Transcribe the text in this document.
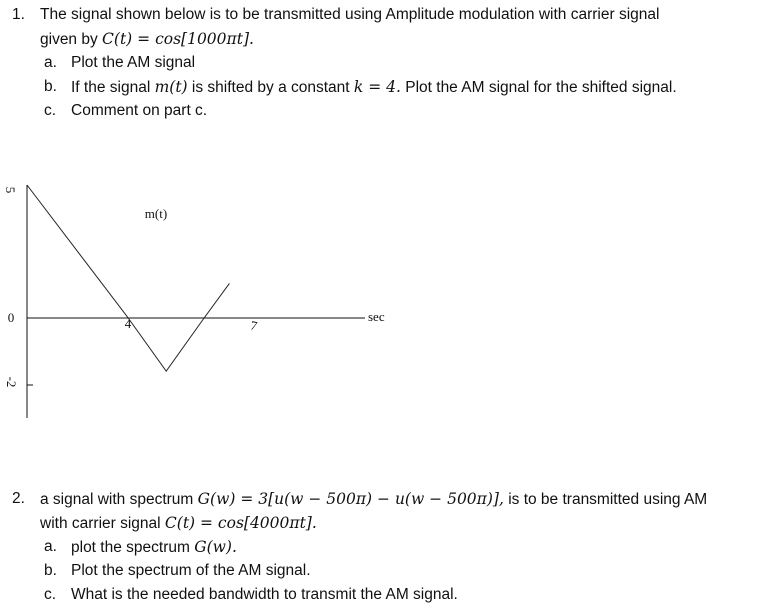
1. The signal shown below is to be transmitted using Amplitude modulation with carrier signal
given by C(t) = cos[1000πt].
a. Plot the AM signal
b. If the signal m(t) is shifted by a constant k = 4. Plot the AM signal for the shifted signal.
c. Comment on part c.
5
0
-2
m(t)
4	7
sec
2. a signal with spectrum G(w) = 3[u(w − 500π) − u(w − 500π)], is to be transmitted using AM
with carrier signal C(t) = cos[4000πt].
a. plot the spectrum G(w).
b. Plot the spectrum of the AM signal.
c. What is the needed bandwidth to transmit the AM signal.
